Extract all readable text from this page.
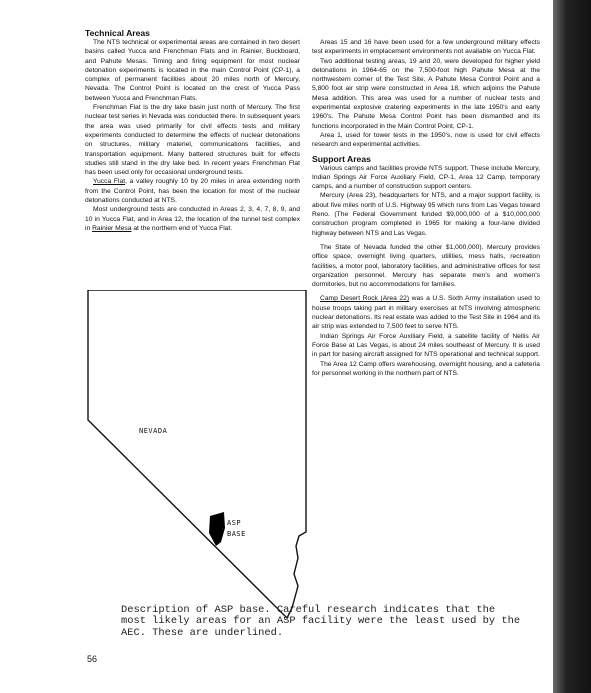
Technical Areas

The NTS technical or experimental areas are contained in two desert basins called Yucca and Frenchman Flats and in Rainier, Buckboard, and Pahute Mesas. Timing and firing equipment for most nuclear detonation experiments is located in the main Control Point (CP-1), a complex of permanent facilities about 20 miles north of Mercury, Nevada. The Control Point is located on the crest of Yucca Pass between Yucca and Frenchman Flats.

Frenchman Flat is the dry lake basin just north of Mercury. The first nuclear test series in Nevada was conducted there. In subsequent years the area was used primarily for civil effects tests and military experiments conducted to determine the effects of nuclear detonations on structures, military materiel, communications facilities, and transportation equipment. Many battered structures built for effects studies still stand in the dry lake bed. In recent years Frenchman Flat has been used only for occasional underground tests.

Yucca Flat, a valley roughly 10 by 20 miles in area extending north from the Control Point, has been the location for most of the nuclear detonations conducted at NTS.

Most underground tests are conducted in Areas 2, 3, 4, 7, 8, 9, and 10 in Yucca Flat, and in Area 12, the location of the tunnel test complex in Rainier Mesa at the northern end of Yucca Flat.

Areas 15 and 16 have been used for a few underground military effects test experiments in emplacement environments not available on Yucca Flat.

Two additional testing areas, 19 and 20, were developed for higher yield detonations in 1964-65 on the 7,500-foot high Pahute Mesa at the northwestern corner of the Test Site. A Pahute Mesa Control Point and a 5,800 foot air strip were constructed in Area 18, which adjoins the Pahute Mesa addition. This area was used for a number of nuclear tests and experimental explosive cratering experiments in the late 1950's and early 1960's. The Pahute Mesa Control Point has been dismantled and its functions incorporated in the Main Control Point, CP-1.

Area 1, used for tower tests in the 1950's, now is used for civil effects research and experimental activities.

Support Areas

Various camps and facilities provide NTS support. These include Mercury, Indian Springs Air Force Auxiliary Field, CP-1, Area 12 Camp, temporary camps, and a number of construction support centers.

Mercury (Area 23), headquarters for NTS, and a major support facility, is about five miles north of U.S. Highway 95 which runs from Las Vegas toward Reno. (The Federal Government funded $9,000,000 of a $10,000,000 construction program completed in 1965 for making a four-lane divided highway between NTS and Las Vegas.

The State of Nevada funded the other $1,000,000). Mercury provides office space, overnight living quarters, utilities, mess halls, recreation facilities, a motor pool, laboratory facilities, and administrative offices for test organization personnel. Mercury has separate men's and women's dormitories, but no accommodations for families.

Camp Desert Rock (Area 22) was a U.S. Sixth Army installation used to house troops taking part in military exercises at NTS involving atmospheric nuclear detonations. Its real estate was added to the Test Site in 1964 and its air strip was extended to 7,500 feet to serve NTS.

Indian Springs Air Force Auxiliary Field, a satellite facility of Nellis Air Force Base at Las Vegas, is about 24 miles southeast of Mercury. It is used in part for basing aircraft assigned for NTS operational and technical support.

The Area 12 Camp offers warehousing, overnight housing, and a cafeteria for personnel working in the northern part of NTS.

NEVADA
ASP
BASE
Description of ASP base. Careful research indicates that the most likely areas for an ASP facility were the least used by the AEC. These are underlined.
56
